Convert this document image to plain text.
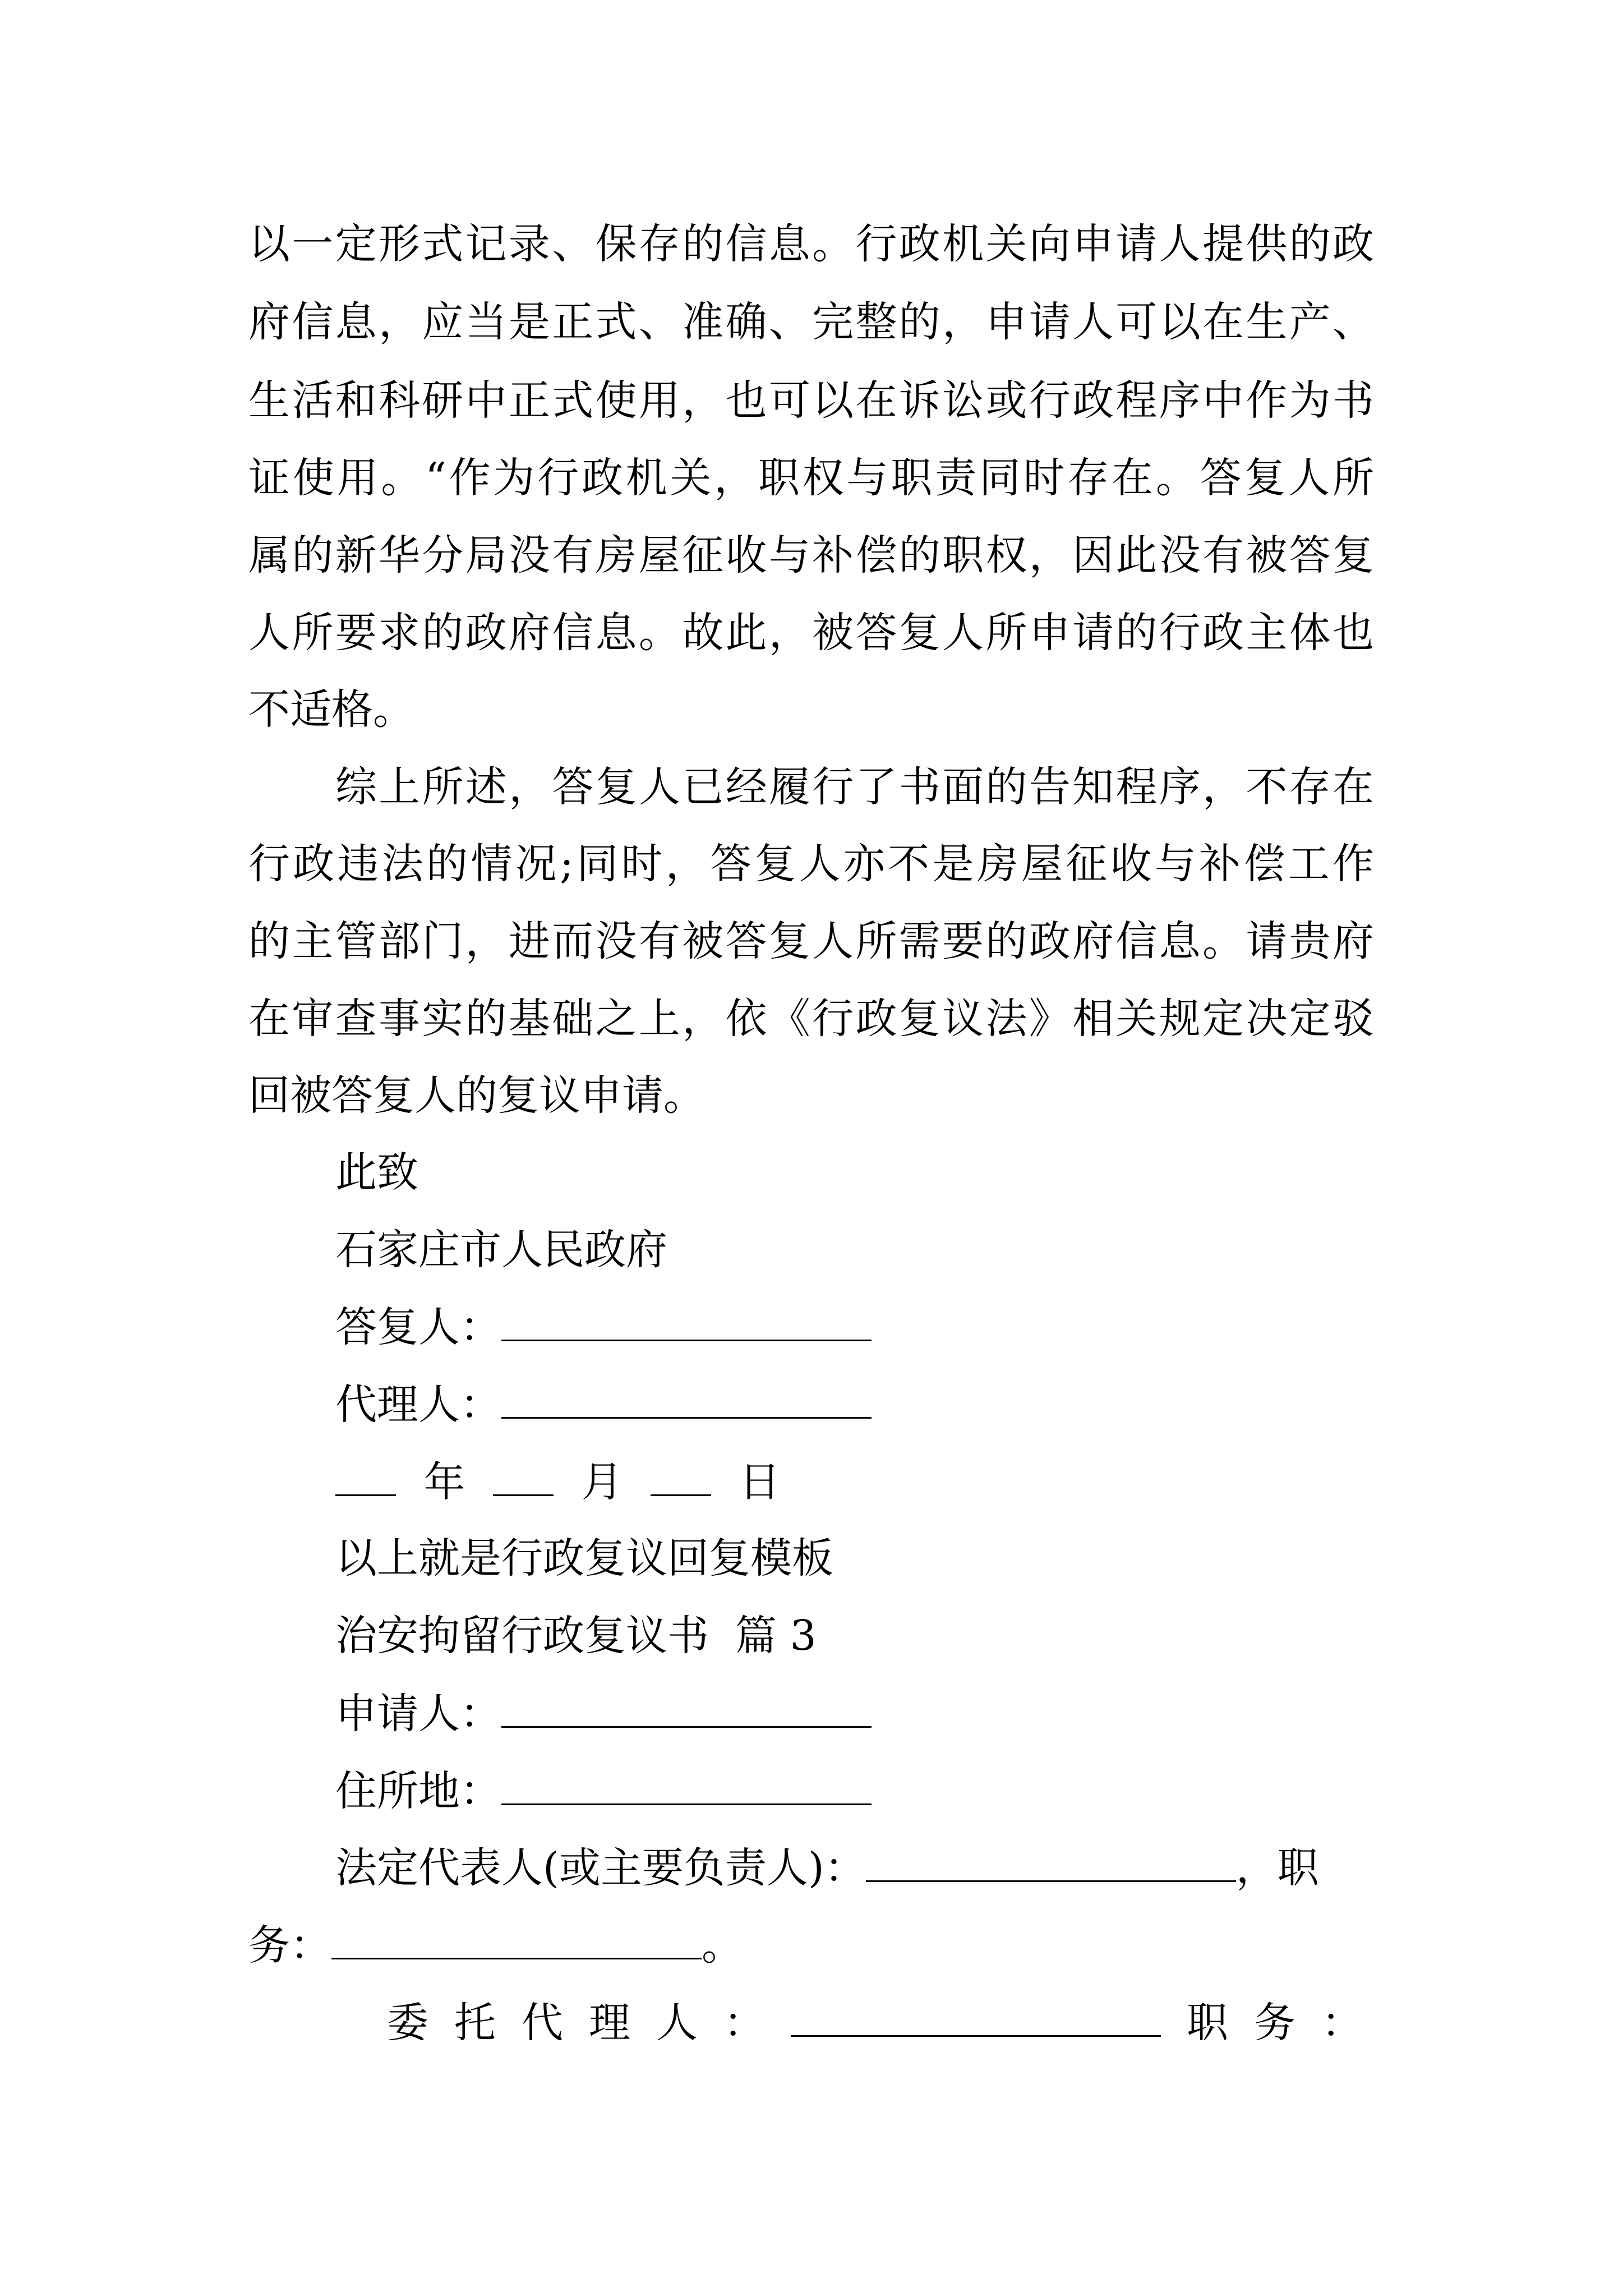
以一定形式记录、保存的信息。行政机关向申请人提供的政
府信息，应当是正式、准确、完整的，申请人可以在生产、
生活和科研中正式使用，也可以在诉讼或行政程序中作为书
证使用。“作为行政机关，职权与职责同时存在。答复人所
属的新华分局没有房屋征收与补偿的职权，因此没有被答复
人所要求的政府信息。故此，被答复人所申请的行政主体也
不适格。
综上所述，答复人已经履行了书面的告知程序，不存在
行政违法的情况;同时，答复人亦不是房屋征收与补偿工作
的主管部门，进而没有被答复人所需要的政府信息。请贵府
在审查事实的基础之上，依《行政复议法》相关规定决定驳
回被答复人的复议申请。
此致
石家庄市人民政府
答复人：
代理人：
年	月	日
以上就是行政复议回复模板
治安拘留行政复议书  篇 3
申请人：
住所地：
法定代表人(或主要负责人)：	，职
务：	。
委 托 代 理 人 ：	职 务 ：
